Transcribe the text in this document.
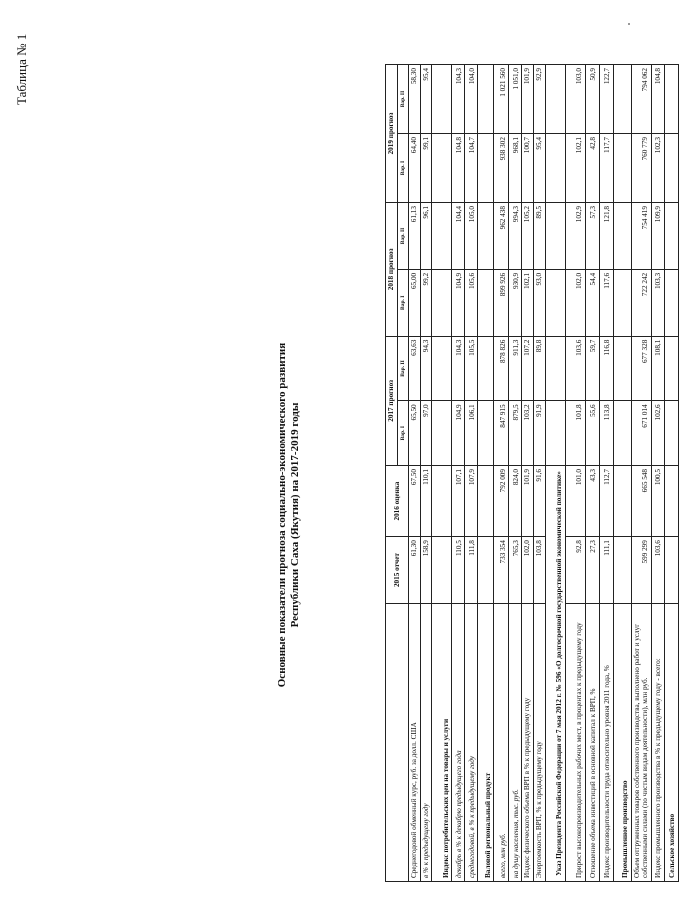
Таблица № 1
Основные показатели прогноза социально-экономического развития Республики Саха (Якутия) на 2017-2019 годы
		2015 отчет	2016 оценка	2017 прогноз		2018 прогноз		2019 прогноз	
			Вар. I	Вар. II	Вар. I	Вар. II	Вар. I	Вар. II
Среднегодовой обменный курс, руб. за долл. США	61,30	67,50	65,50	63,63	65,00	61,13	64,40	58,30
в % к предыдущему году	158,9	110,1	97,0	94,3	99,2	96,1	99,1	95,4
Индекс потребительских цен на товары и услуги								
декабрь в % к декабрю предыдущего года	110,5	107,1	104,9	104,3	104,9	104,4	104,8	104,3
среднегодовой, в % к предыдущему году	111,8	107,9	106,1	105,5	105,6	105,0	104,7	104,0
Валовой региональный продукт								
всего, млн руб.	733 354	792 009	847 915	878 826	899 926	962 438	938 302	1 021 560
на душу населения, тыс. руб.	765,3	824,0	879,5	911,3	930,9	994,3	968,1	1 051,0
Индекс физического объема ВРП в % к предыдущему году	102,0	101,9	103,2	107,2	102,1	105,2	100,7	101,9
Энергоемкость ВРП, % к предыдущему году	103,8	91,6	91,9	89,8	93,0	89,5	95,4	92,9
Указ Президента Российской Федерации от 7 мая 2012 г. № 596 «О долгосрочной государственной экономической политике»								
Прирост высокопроизводительных рабочих мест, в процентах к предыдущему году	92,8	101,0	101,8	103,6	102,0	102,9	102,1	103,0
Отношение объема инвестиций в основной капитал к ВРП, %	27,3	43,3	55,6	59,7	54,4	57,3	42,8	50,9
Индекс производительности труда относительно уровня 2011 года, %	111,1	112,7	113,8	116,8	117,6	121,8	117,7	122,7
Промышленное производство								
Объем отгруженных товаров собственного производства, выполнено работ и услуг собственными силами (по чистым видам деятельности), млн руб.	599 299	665 548	671 014	677 328	722 242	754 419	760 779	794 062
Индекс промышленного производства в % к предыдущему году - всего:	103,6	100,5	102,6	108,1	103,3	109,9	102,3	104,8
Сельское хозяйство								
